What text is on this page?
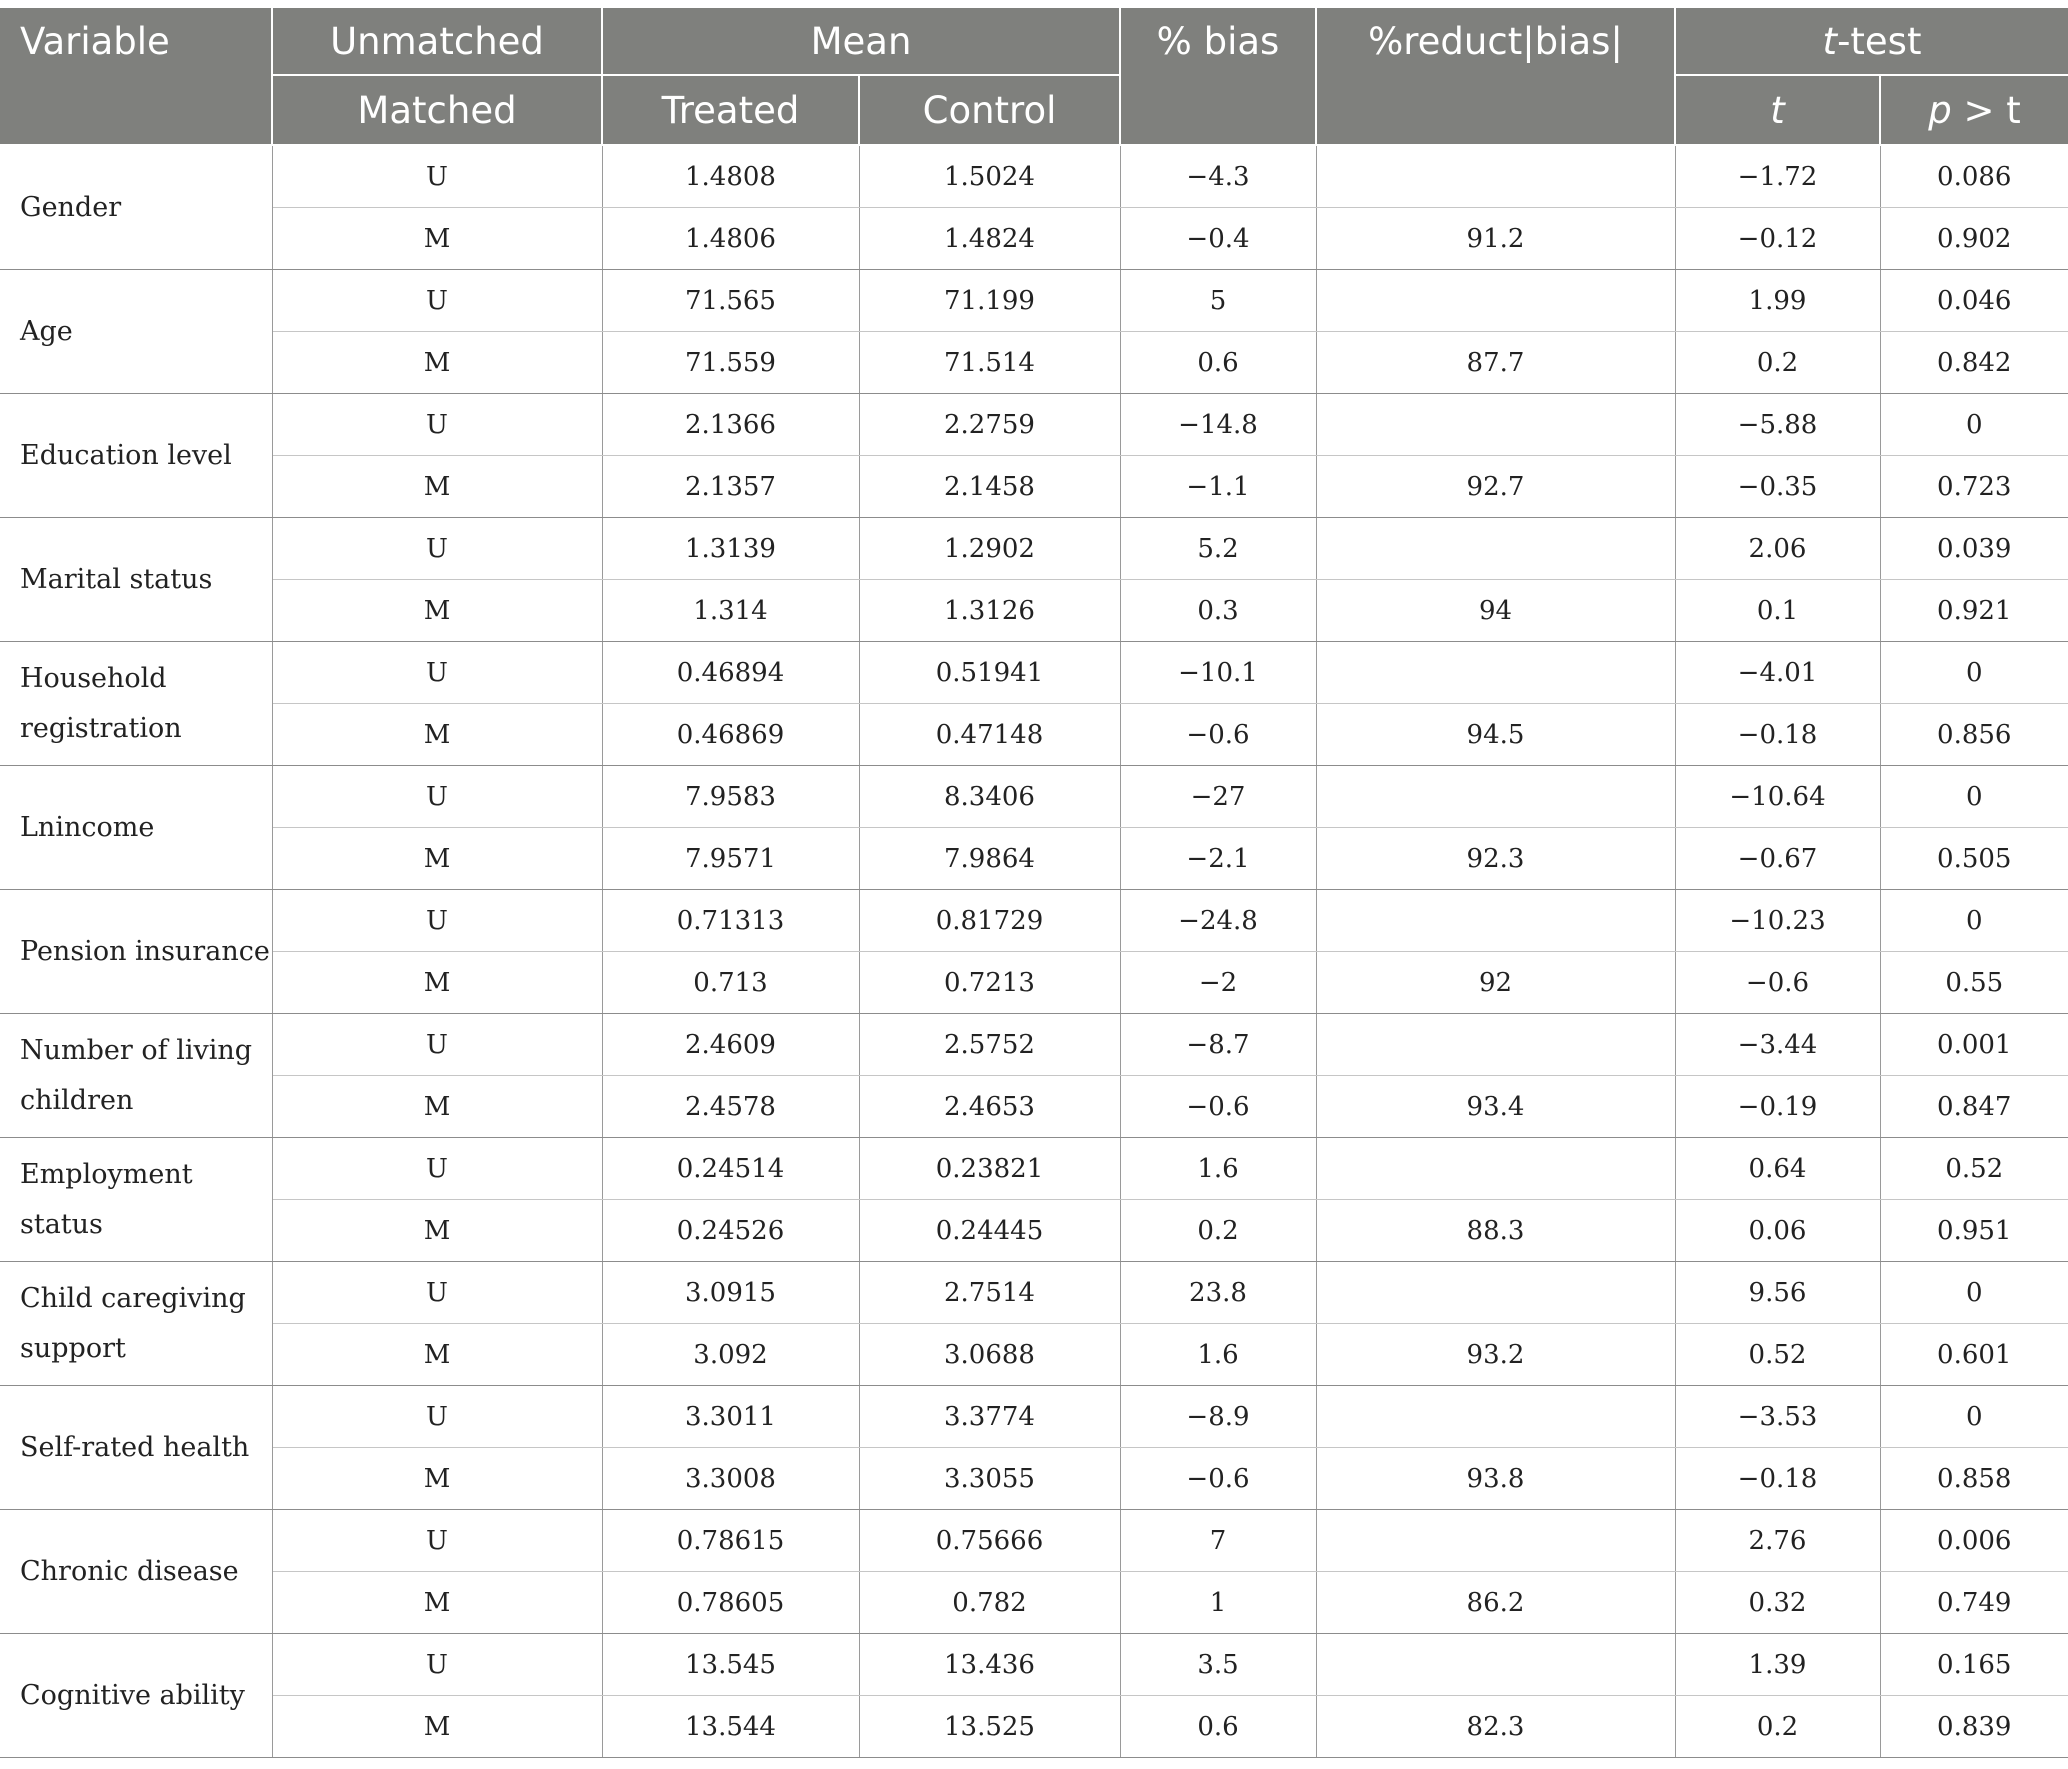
Variable	Unmatched	Mean		% bias	%reduct|bias|	t-test	
	Matched	Treated	Control			t	p > t
Gender	U	1.4808	1.5024	−4.3		−1.72	0.086
	M	1.4806	1.4824	−0.4	91.2	−0.12	0.902
Age	U	71.565	71.199	5		1.99	0.046
	M	71.559	71.514	0.6	87.7	0.2	0.842
Education level	U	2.1366	2.2759	−14.8		−5.88	0
	M	2.1357	2.1458	−1.1	92.7	−0.35	0.723
Marital status	U	1.3139	1.2902	5.2		2.06	0.039
	M	1.314	1.3126	0.3	94	0.1	0.921
Household registration	U	0.46894	0.51941	−10.1		−4.01	0
	M	0.46869	0.47148	−0.6	94.5	−0.18	0.856
Lnincome	U	7.9583	8.3406	−27		−10.64	0
	M	7.9571	7.9864	−2.1	92.3	−0.67	0.505
Pension insurance	U	0.71313	0.81729	−24.8		−10.23	0
	M	0.713	0.7213	−2	92	−0.6	0.55
Number of living children	U	2.4609	2.5752	−8.7		−3.44	0.001
	M	2.4578	2.4653	−0.6	93.4	−0.19	0.847
Employment status	U	0.24514	0.23821	1.6		0.64	0.52
	M	0.24526	0.24445	0.2	88.3	0.06	0.951
Child caregiving support	U	3.0915	2.7514	23.8		9.56	0
	M	3.092	3.0688	1.6	93.2	0.52	0.601
Self-rated health	U	3.3011	3.3774	−8.9		−3.53	0
	M	3.3008	3.3055	−0.6	93.8	−0.18	0.858
Chronic disease	U	0.78615	0.75666	7		2.76	0.006
	M	0.78605	0.782	1	86.2	0.32	0.749
Cognitive ability	U	13.545	13.436	3.5		1.39	0.165
	M	13.544	13.525	0.6	82.3	0.2	0.839
